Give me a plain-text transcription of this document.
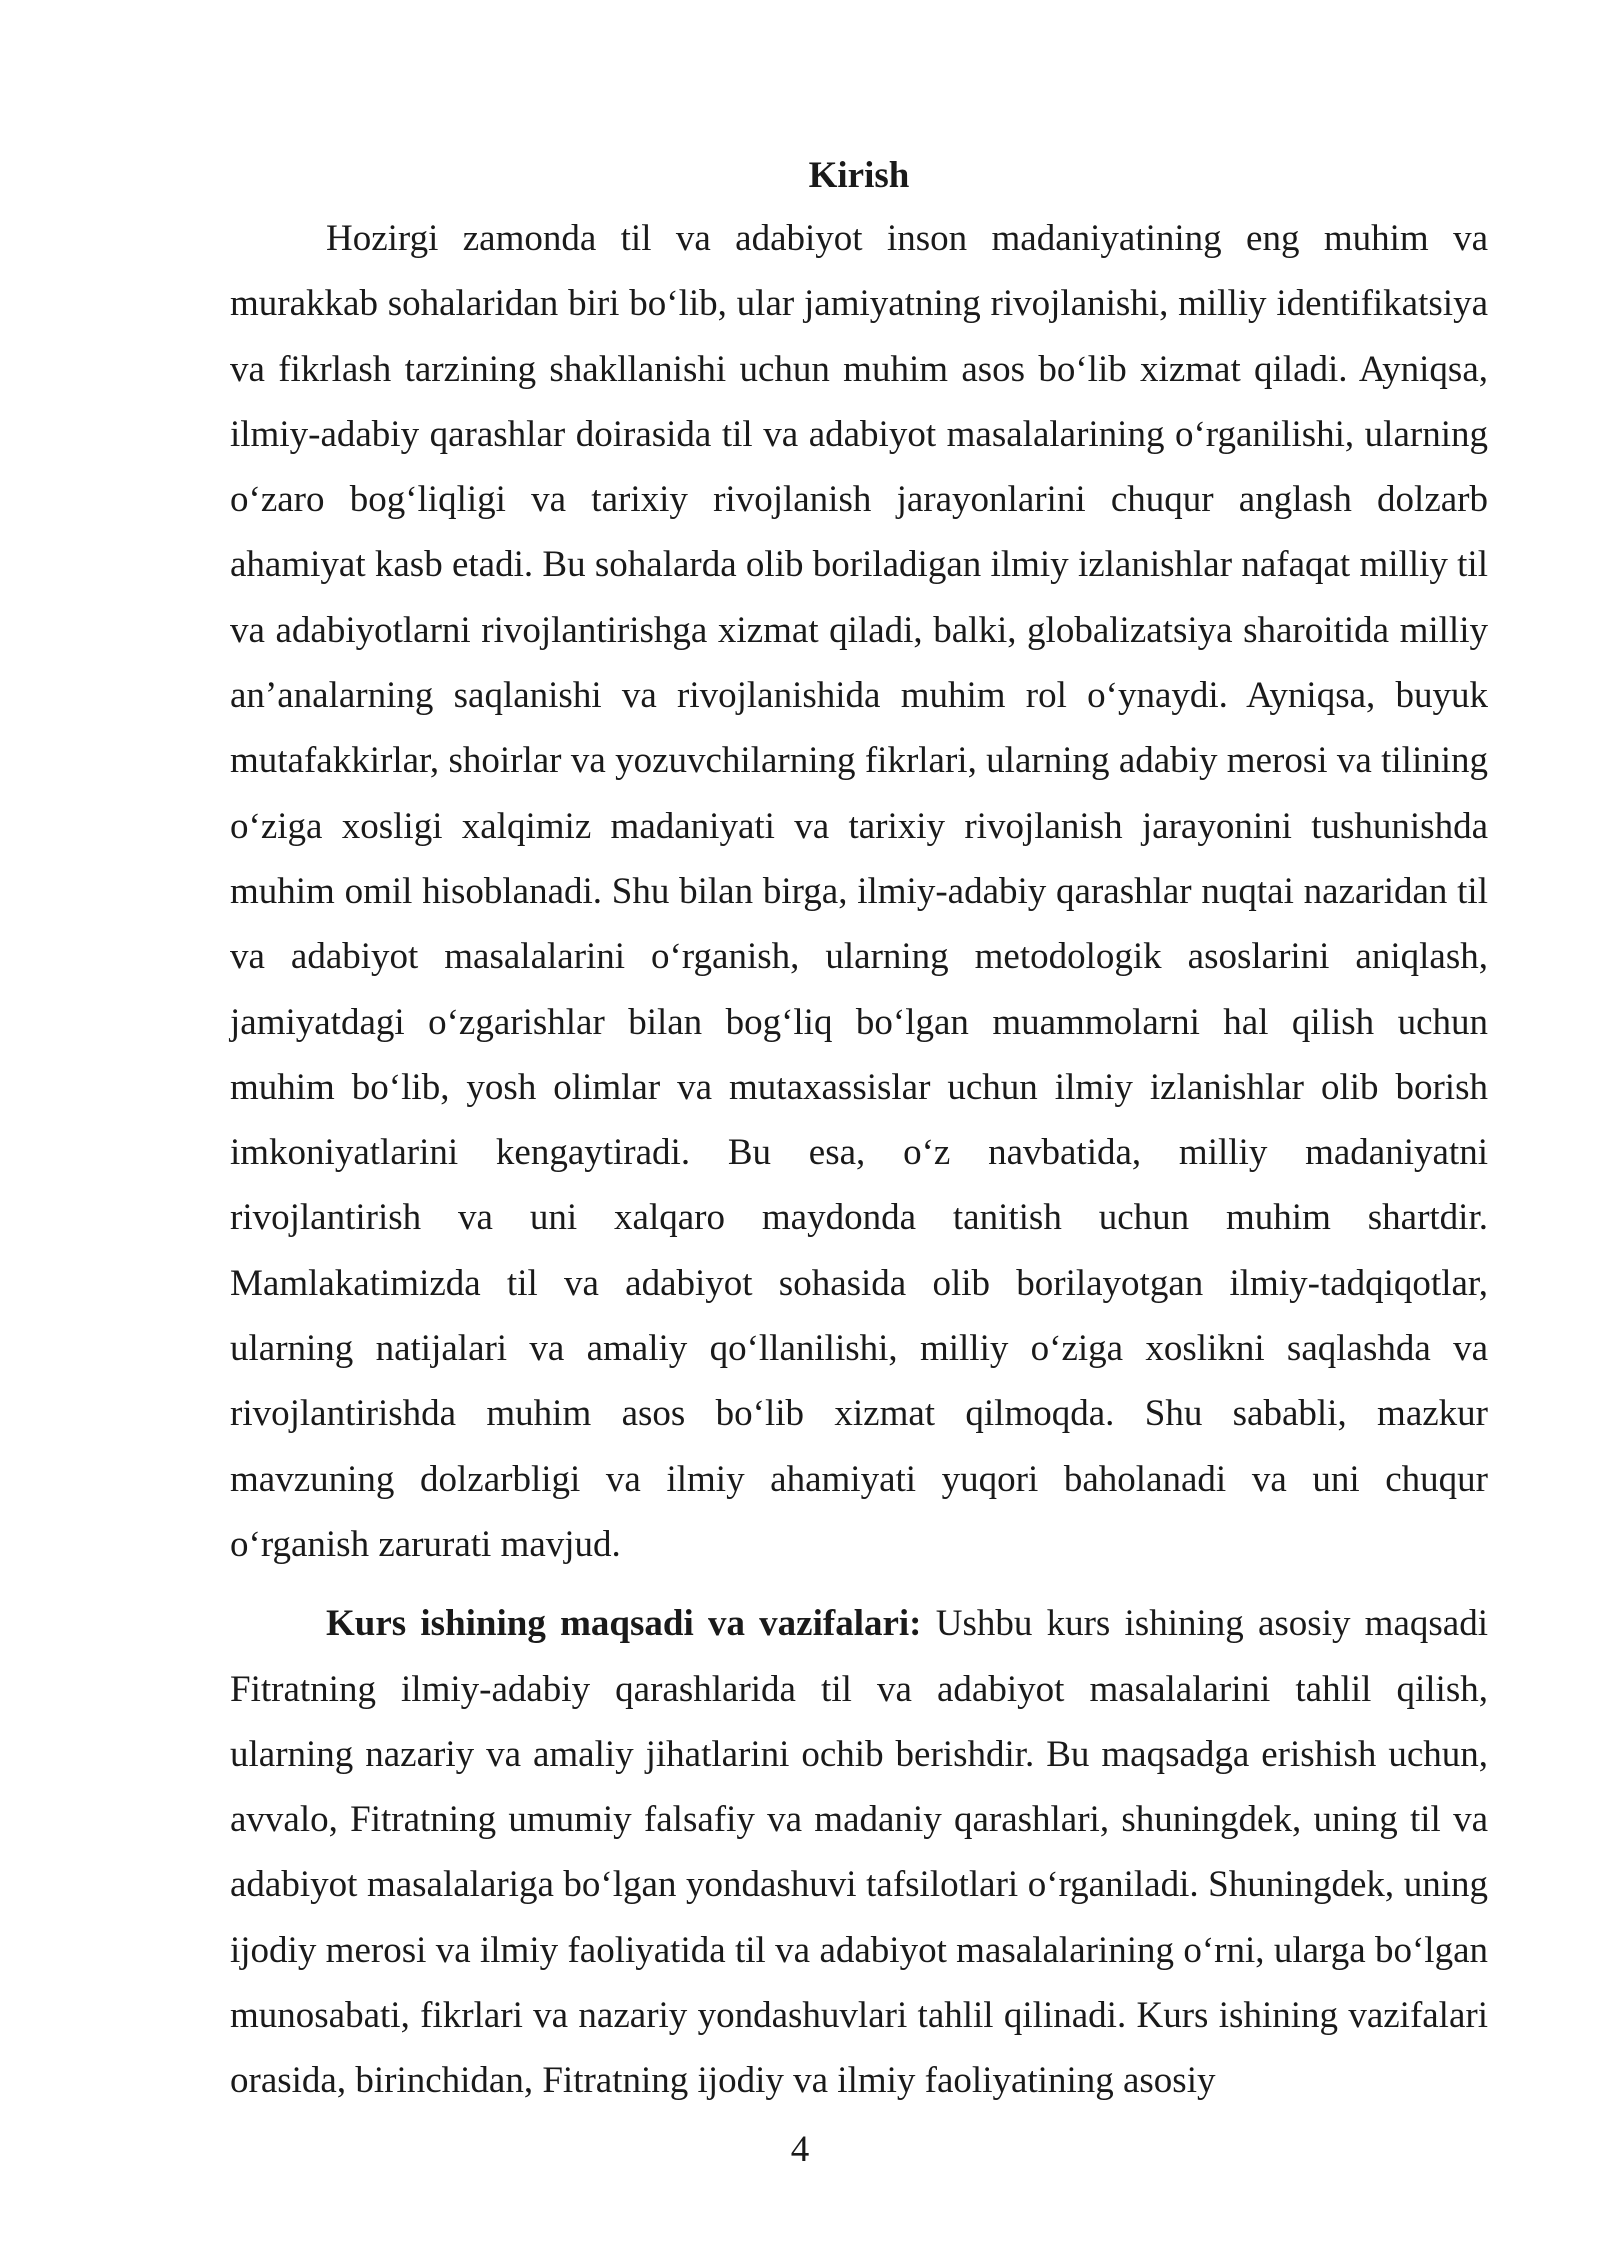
Kirish

Hozirgi zamonda til va adabiyot inson madaniyatining eng muhim va murakkab sohalaridan biri bo‘lib, ular jamiyatning rivojlanishi, milliy identifikatsiya va fikrlash tarzining shakllanishi uchun muhim asos bo‘lib xizmat qiladi. Ayniqsa, ilmiy-adabiy qarashlar doirasida til va adabiyot masalalarining o‘rganilishi, ularning o‘zaro bog‘liqligi va tarixiy rivojlanish jarayonlarini chuqur anglash dolzarb ahamiyat kasb etadi. Bu sohalarda olib boriladigan ilmiy izlanishlar nafaqat milliy til va adabiyotlarni rivojlantirishga xizmat qiladi, balki, globalizatsiya sharoitida milliy an’analarning saqlanishi va rivojlanishida muhim rol o‘ynaydi. Ayniqsa, buyuk mutafakkirlar, shoirlar va yozuvchilarning fikrlari, ularning adabiy merosi va tilining o‘ziga xosligi xalqimiz madaniyati va tarixiy rivojlanish jarayonini tushunishda muhim omil hisoblanadi. Shu bilan birga, ilmiy-adabiy qarashlar nuqtai nazaridan til va adabiyot masalalarini o‘rganish, ularning metodologik asoslarini aniqlash, jamiyatdagi o‘zgarishlar bilan bog‘liq bo‘lgan muammolarni hal qilish uchun muhim bo‘lib, yosh olimlar va mutaxassislar uchun ilmiy izlanishlar olib borish imkoniyatlarini kengaytiradi. Bu esa, o‘z navbatida, milliy madaniyatni rivojlantirish va uni xalqaro maydonda tanitish uchun muhim shartdir. Mamlakatimizda til va adabiyot sohasida olib borilayotgan ilmiy-tadqiqotlar, ularning natijalari va amaliy qo‘llanilishi, milliy o‘ziga xoslikni saqlashda va rivojlantirishda muhim asos bo‘lib xizmat qilmoqda. Shu sababli, mazkur mavzuning dolzarbligi va ilmiy ahamiyati yuqori baholanadi va uni chuqur o‘rganish zarurati mavjud.

Kurs ishining maqsadi va vazifalari: Ushbu kurs ishining asosiy maqsadi Fitratning ilmiy-adabiy qarashlarida til va adabiyot masalalarini tahlil qilish, ularning nazariy va amaliy jihatlarini ochib berishdir. Bu maqsadga erishish uchun, avvalo, Fitratning umumiy falsafiy va madaniy qarashlari, shuningdek, uning til va adabiyot masalalariga bo‘lgan yondashuvi tafsilotlari o‘rganiladi. Shuningdek, uning ijodiy merosi va ilmiy faoliyatida til va adabiyot masalalarining o‘rni, ularga bo‘lgan munosabati, fikrlari va nazariy yondashuvlari tahlil qilinadi. Kurs ishining vazifalari orasida, birinchidan, Fitratning ijodiy va ilmiy faoliyatining asosiy

4
